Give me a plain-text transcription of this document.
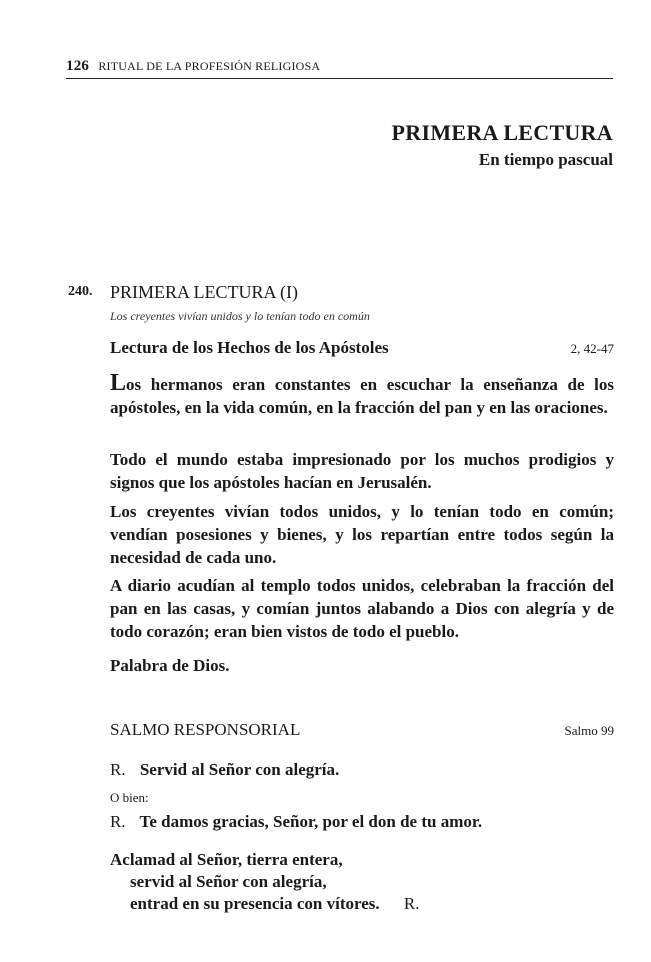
126 RITUAL DE LA PROFESIÓN RELIGIOSA
PRIMERA LECTURA
En tiempo pascual
240. PRIMERA LECTURA (I)
Los creyentes vivían unidos y lo tenían todo en común
Lectura de los Hechos de los Apóstoles	2, 42-47
Los hermanos eran constantes en escuchar la enseñanza de los apóstoles, en la vida común, en la fracción del pan y en las oraciones.
Todo el mundo estaba impresionado por los muchos prodigios y signos que los apóstoles hacían en Jerusalén.
Los creyentes vivían todos unidos, y lo tenían todo en común; vendían posesiones y bienes, y los repartían entre todos según la necesidad de cada uno.
A diario acudían al templo todos unidos, celebraban la fracción del pan en las casas, y comían juntos alabando a Dios con alegría y de todo corazón; eran bien vistos de todo el pueblo.
Palabra de Dios.
SALMO RESPONSORIAL	Salmo 99
R. Servid al Señor con alegría.
O bien:
R. Te damos gracias, Señor, por el don de tu amor.
Aclamad al Señor, tierra entera,
servid al Señor con alegría,
entrad en su presencia con vítores. R.
